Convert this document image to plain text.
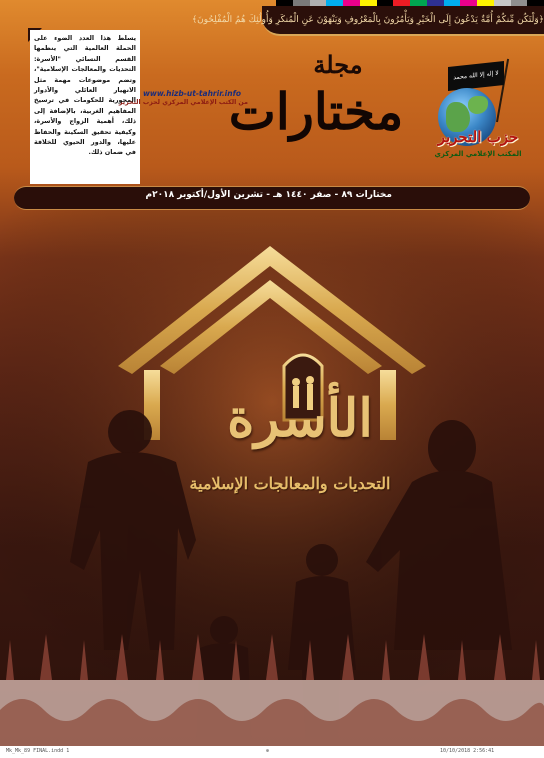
﴿وَلْتَكُن مِّنكُمْ أُمَّةٌ يَدْعُونَ إِلَى الْخَيْرِ وَيَأْمُرُونَ بِالْمَعْرُوفِ وَيَنْهَوْنَ عَنِ الْمُنكَرِ وَأُولَٰئِكَ هُمُ الْمُفْلِحُونَ﴾
يسلط هذا العدد الضوء على الحملة العالمية التي ينظمها القسم النسائي "الأسرة: التحديات والمعالجات الإسلامية"، وتضم موضوعات مهمة مثل الانهيار العائلي والأدوار المحورية للحكومات في ترسيخ المفاهيم الغربية، بالإضافة إلى ذلك، أهمية الزواج والأسرة، وكيفية تحقيق السكينة والحفاظ عليها، والدور الحيوي للخلافة في ضمان ذلك.
www.hizb-ut-tahrir.info
من الكتب الإعلامي المركزي لحزب التحرير
مجلة
مختارات
لا إله إلا الله محمد
حزب التحرير
المكتب الإعلامي المركزي
مختارات ٨٩ - صفر ١٤٤٠ هـ - تشرين الأول/أكتوبر ٢٠١٨م
الأسرة
التحديات والمعالجات الإسلامية
Mk_Mk_89 FINAL.indd 1	⊕	10/10/2018 2:56:41
